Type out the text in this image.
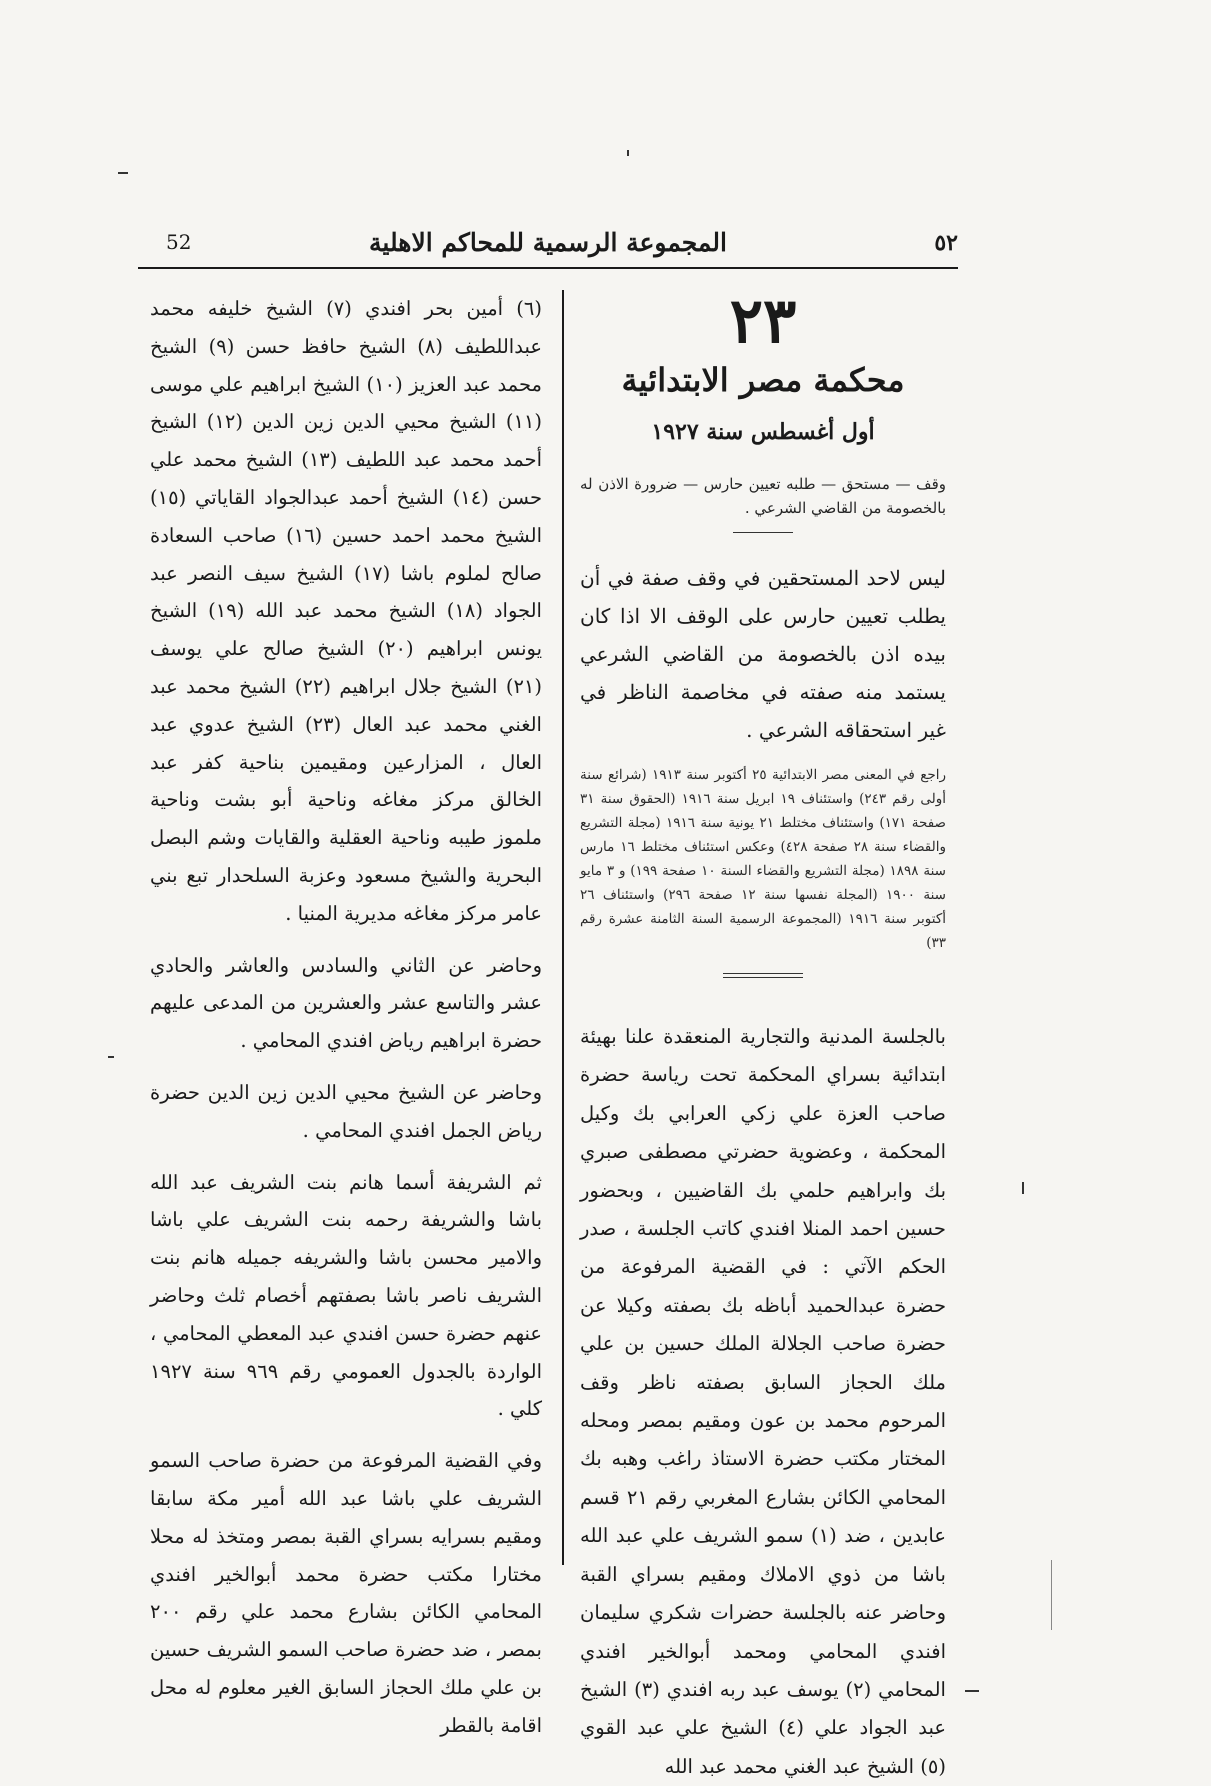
52	المجموعة الرسمية للمحاكم الاهلية	٥٢
٢٣
محكمة مصر الابتدائية
أول أغسطس سنة ١٩٢٧
وقف — مستحق — طلبه تعيين حارس — ضرورة الاذن له بالخصومة من القاضي الشرعي .
ليس لاحد المستحقين في وقف صفة في أن يطلب تعيين حارس على الوقف الا اذا كان بيده اذن بالخصومة من القاضي الشرعي يستمد منه صفته في مخاصمة الناظر في غير استحقاقه الشرعي .
راجع في المعنى مصر الابتدائية ٢٥ أكتوبر سنة ١٩١٣ (شرائع سنة أولى رقم ٢٤٣) واستئناف ١٩ ابريل سنة ١٩١٦ (الحقوق سنة ٣١ صفحة ١٧١) واستئناف مختلط ٢١ يونية سنة ١٩١٦ (مجلة التشريع والقضاء سنة ٢٨ صفحة ٤٢٨) وعكس استئناف مختلط ١٦ مارس سنة ١٨٩٨ (مجلة التشريع والقضاء السنة ١٠ صفحة ١٩٩) و ٣ مايو سنة ١٩٠٠ (المجلة نفسها سنة ١٢ صفحة ٢٩٦) واستئناف ٢٦ أكتوبر سنة ١٩١٦ (المجموعة الرسمية السنة الثامنة عشرة رقم ٣٣)
بالجلسة المدنية والتجارية المنعقدة علنا بهيئة ابتدائية بسراي المحكمة تحت رياسة حضرة صاحب العزة علي زكي العرابي بك وكيل المحكمة ، وعضوية حضرتي مصطفى صبري بك وابراهيم حلمي بك القاضيين ، وبحضور حسين احمد المنلا افندي كاتب الجلسة ، صدر الحكم الآتي : في القضية المرفوعة من حضرة عبدالحميد أباظه بك بصفته وكيلا عن حضرة صاحب الجلالة الملك حسين بن علي ملك الحجاز السابق بصفته ناظر وقف المرحوم محمد بن عون ومقيم بمصر ومحله المختار مكتب حضرة الاستاذ راغب وهبه بك المحامي الكائن بشارع المغربي رقم ٢١ قسم عابدين ، ضد (١) سمو الشريف علي عبد الله باشا من ذوي الاملاك ومقيم بسراي القبة وحاضر عنه بالجلسة حضرات شكري سليمان افندي المحامي ومحمد أبوالخير افندي المحامي (٢) يوسف عبد ربه افندي (٣) الشيخ عبد الجواد علي (٤) الشيخ علي عبد القوي (٥) الشيخ عبد الغني محمد عبد الله
(٦) أمين بحر افندي (٧) الشيخ خليفه محمد عبداللطيف (٨) الشيخ حافظ حسن (٩) الشيخ محمد عبد العزيز (١٠) الشيخ ابراهيم علي موسى (١١) الشيخ محيي الدين زين الدين (١٢) الشيخ أحمد محمد عبد اللطيف (١٣) الشيخ محمد علي حسن (١٤) الشيخ أحمد عبدالجواد القاياتي (١٥) الشيخ محمد احمد حسين (١٦) صاحب السعادة صالح لملوم باشا (١٧) الشيخ سيف النصر عبد الجواد (١٨) الشيخ محمد عبد الله (١٩) الشيخ يونس ابراهيم (٢٠) الشيخ صالح علي يوسف (٢١) الشيخ جلال ابراهيم (٢٢) الشيخ محمد عبد الغني محمد عبد العال (٢٣) الشيخ عدوي عبد العال ، المزارعين ومقيمين بناحية كفر عبد الخالق مركز مغاغه وناحية أبو بشت وناحية ملموز طيبه وناحية العقلية والقايات وشم البصل البحرية والشيخ مسعود وعزبة السلحدار تبع بني عامر مركز مغاغه مديرية المنيا .
وحاضر عن الثاني والسادس والعاشر والحادي عشر والتاسع عشر والعشرين من المدعى عليهم حضرة ابراهيم رياض افندي المحامي .
وحاضر عن الشيخ محيي الدين زين الدين حضرة رياض الجمل افندي المحامي .
ثم الشريفة أسما هانم بنت الشريف عبد الله باشا والشريفة رحمه بنت الشريف علي باشا والامير محسن باشا والشريفه جميله هانم بنت الشريف ناصر باشا بصفتهم أخصام ثلث وحاضر عنهم حضرة حسن افندي عبد المعطي المحامي ، الواردة بالجدول العمومي رقم ٩٦٩ سنة ١٩٢٧ كلي .
وفي القضية المرفوعة من حضرة صاحب السمو الشريف علي باشا عبد الله أمير مكة سابقا ومقيم بسرايه بسراي القبة بمصر ومتخذ له محلا مختارا مكتب حضرة محمد أبوالخير افندي المحامي الكائن بشارع محمد علي رقم ٢٠٠ بمصر ، ضد حضرة صاحب السمو الشريف حسين بن علي ملك الحجاز السابق الغير معلوم له محل اقامة بالقطر
